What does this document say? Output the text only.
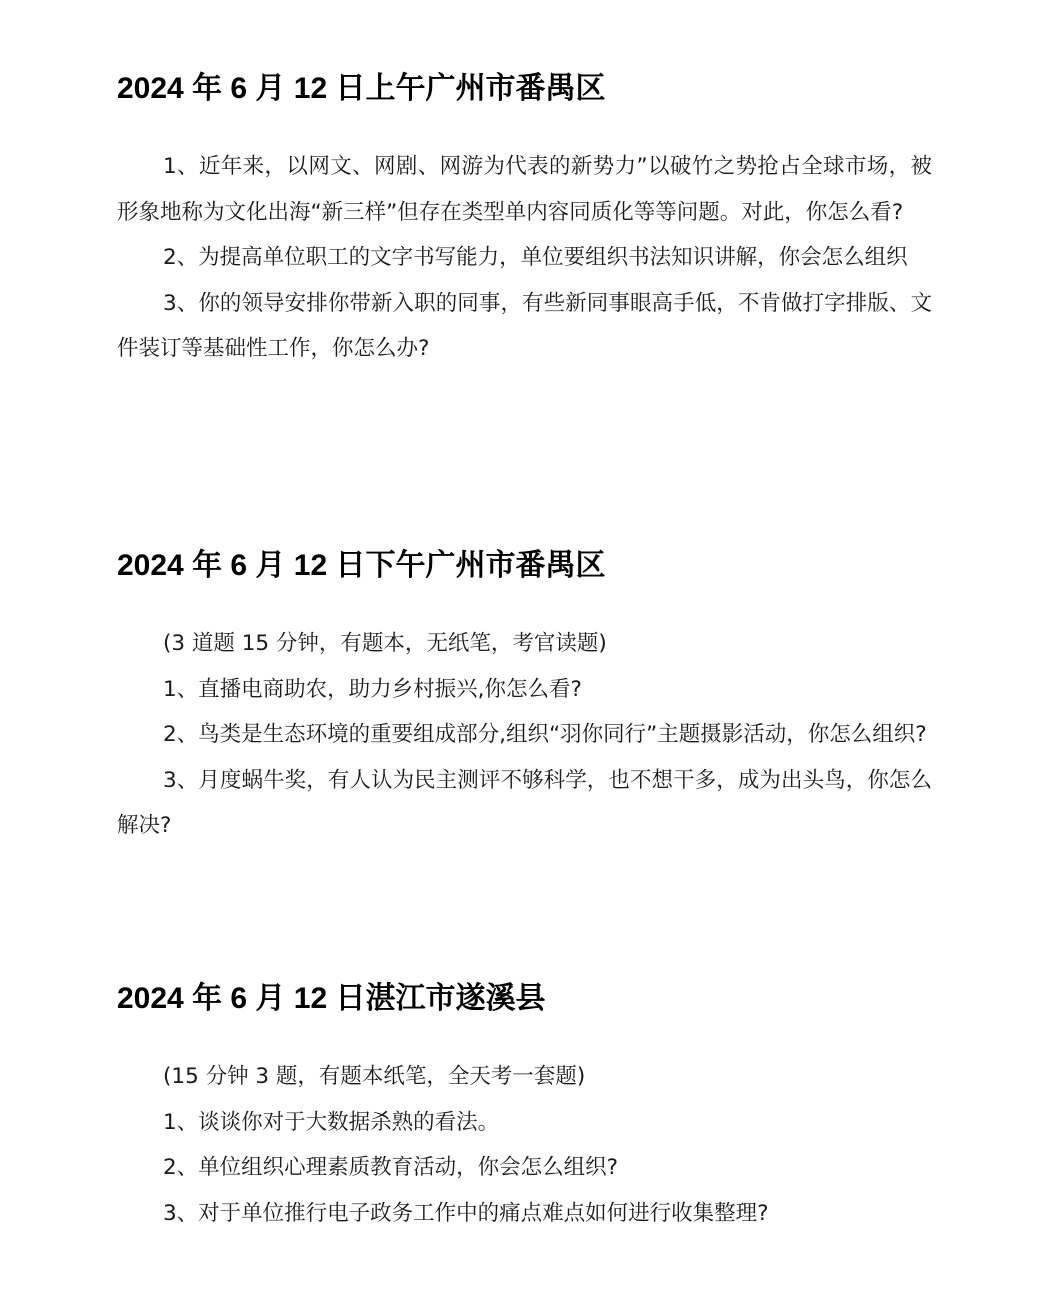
2024 年 6 月 12 日上午广州市番禺区

1、近年来，以网文、网剧、网游为代表的新势力”以破竹之势抢占全球市场，被形象地称为文化出海“新三样”但存在类型单内容同质化等等问题。对此，你怎么看?

2、为提高单位职工的文字书写能力，单位要组织书法知识讲解，你会怎么组织

3、你的领导安排你带新入职的同事，有些新同事眼高手低，不肯做打字排版、文件装订等基础性工作，你怎么办?

2024 年 6 月 12 日下午广州市番禺区

(3 道题 15 分钟，有题本，无纸笔，考官读题)

1、直播电商助农，助力乡村振兴,你怎么看?

2、鸟类是生态环境的重要组成部分,组织“羽你同行”主题摄影活动，你怎么组织?

3、月度蜗牛奖，有人认为民主测评不够科学，也不想干多，成为出头鸟，你怎么解决?

2024 年 6 月 12 日湛江市遂溪县

(15 分钟 3 题，有题本纸笔，全天考一套题)

1、谈谈你对于大数据杀熟的看法。

2、单位组织心理素质教育活动，你会怎么组织?

3、对于单位推行电子政务工作中的痛点难点如何进行收集整理?
